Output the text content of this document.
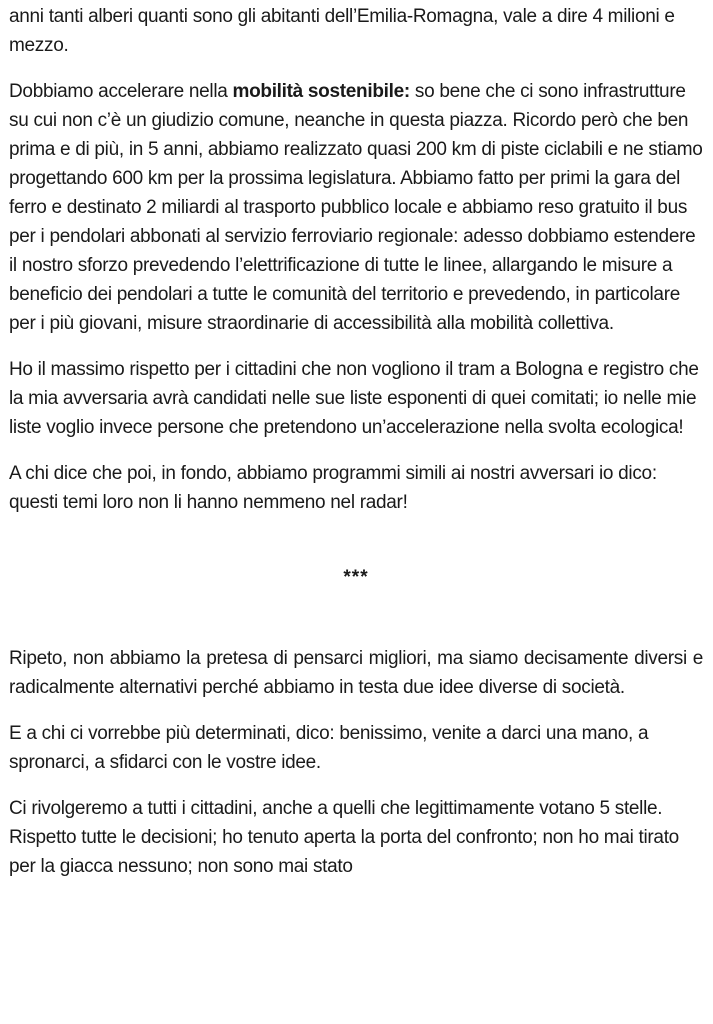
anni tanti alberi quanti sono gli abitanti dell’Emilia-Romagna, vale a dire 4 milioni e mezzo.

Dobbiamo accelerare nella mobilità sostenibile: so bene che ci sono infrastrutture su cui non c’è un giudizio comune, neanche in questa piazza. Ricordo però che ben prima e di più, in 5 anni, abbiamo realizzato quasi 200 km di piste ciclabili e ne stiamo progettando 600 km per la prossima legislatura. Abbiamo fatto per primi la gara del ferro e destinato 2 miliardi al trasporto pubblico locale e abbiamo reso gratuito il bus per i pendolari abbonati al servizio ferroviario regionale: adesso dobbiamo estendere il nostro sforzo prevedendo l’elettrificazione di tutte le linee, allargando le misure a beneficio dei pendolari a tutte le comunità del territorio e prevedendo, in particolare per i più giovani, misure straordinarie di accessibilità alla mobilità collettiva.

Ho il massimo rispetto per i cittadini che non vogliono il tram a Bologna e registro che la mia avversaria avrà candidati nelle sue liste esponenti di quei comitati; io nelle mie liste voglio invece persone che pretendono un’accelerazione nella svolta ecologica!

A chi dice che poi, in fondo, abbiamo programmi simili ai nostri avversari io dico: questi temi loro non li hanno nemmeno nel radar!

***

Ripeto, non abbiamo la pretesa di pensarci migliori, ma siamo decisamente diversi e radicalmente alternativi perché abbiamo in testa due idee diverse di società.

E a chi ci vorrebbe più determinati, dico: benissimo, venite a darci una mano, a spronarci, a sfidarci con le vostre idee.

Ci rivolgeremo a tutti i cittadini, anche a quelli che legittimamente votano 5 stelle. Rispetto tutte le decisioni; ho tenuto aperta la porta del confronto; non ho mai tirato per la giacca nessuno; non sono mai stato
